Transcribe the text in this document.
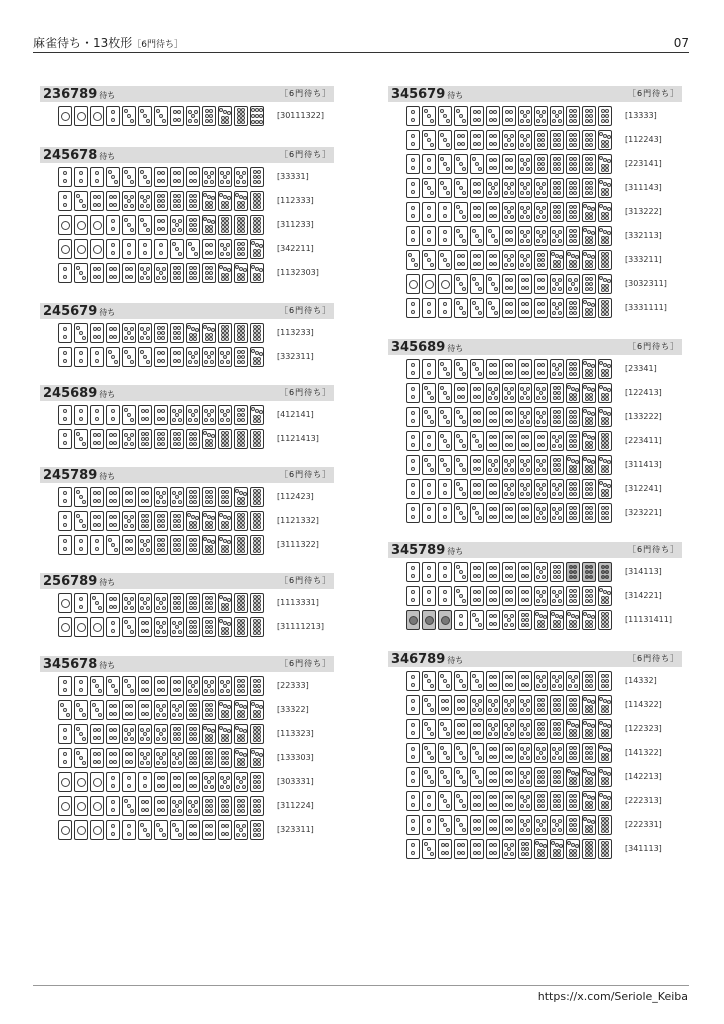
麻雀待ち・13枚形［6門待ち］	07
236789 待ち	［6門待ち］
[30111322]
245678 待ち	［6門待ち］
[33331]
[112333]
[311233]
[342211]
[1132303]
245679 待ち	［6門待ち］
[113233]
[332311]
245689 待ち	［6門待ち］
[412141]
[1121413]
245789 待ち	［6門待ち］
[112423]
[1121332]
[3111322]
256789 待ち	［6門待ち］
[1113331]
[31111213]
345678 待ち	［6門待ち］
[22333]
[33322]
[113323]
[133303]
[303331]
[311224]
[323311]
345679 待ち	［6門待ち］
[13333]
[112243]
[223141]
[311143]
[313222]
[332113]
[333211]
[3032311]
[3331111]
345689 待ち	［6門待ち］
[23341]
[122413]
[133222]
[223411]
[311413]
[312241]
[323221]
345789 待ち	［6門待ち］
[314113]
[314221]
[11131411]
346789 待ち	［6門待ち］
[14332]
[114322]
[122323]
[141322]
[142213]
[222313]
[222331]
[341113]
https://x.com/Seriole_Keiba
